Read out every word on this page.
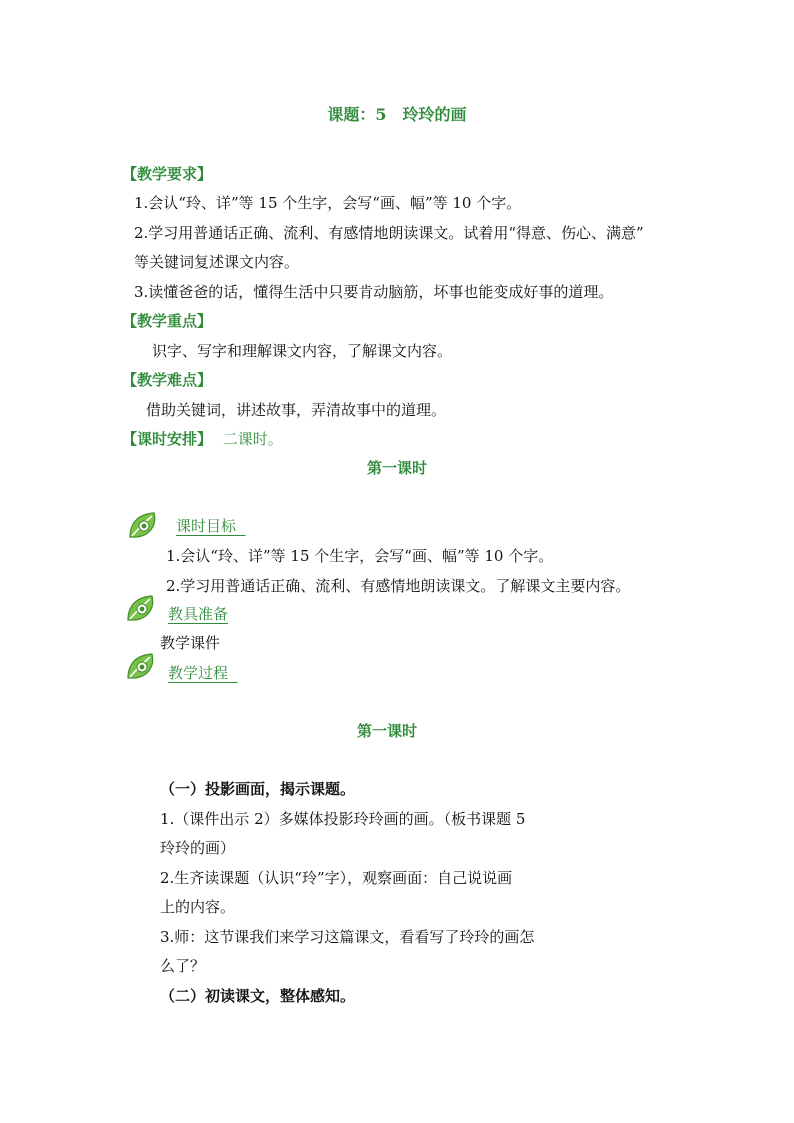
课题：5　玲玲的画
【教学要求】
1.会认“玲、详”等 15 个生字，会写“画、幅”等 10 个字。
2.学习用普通话正确、流利、有感情地朗读课文。试着用“得意、伤心、满意”
等关键词复述课文内容。
3.读懂爸爸的话，懂得生活中只要肯动脑筋，坏事也能变成好事的道理。
【教学重点】
识字、写字和理解课文内容，了解课文内容。
【教学难点】
借助关键词，讲述故事，弄清故事中的道理。
【课时安排】 二课时。
第一课时
课时目标
1.会认“玲、详”等 15 个生字，会写“画、幅”等 10 个字。
2.学习用普通话正确、流利、有感情地朗读课文。了解课文主要内容。
教具准备
教学课件
教学过程
第一课时
（一）投影画面，揭示课题。
1.（课件出示 2）多媒体投影玲玲画的画。（板书课题 5
玲玲的画）
2.生齐读课题（认识“玲”字），观察画面：自己说说画
上的内容。
3.师：这节课我们来学习这篇课文，看看写了玲玲的画怎
么了？
（二）初读课文，整体感知。
